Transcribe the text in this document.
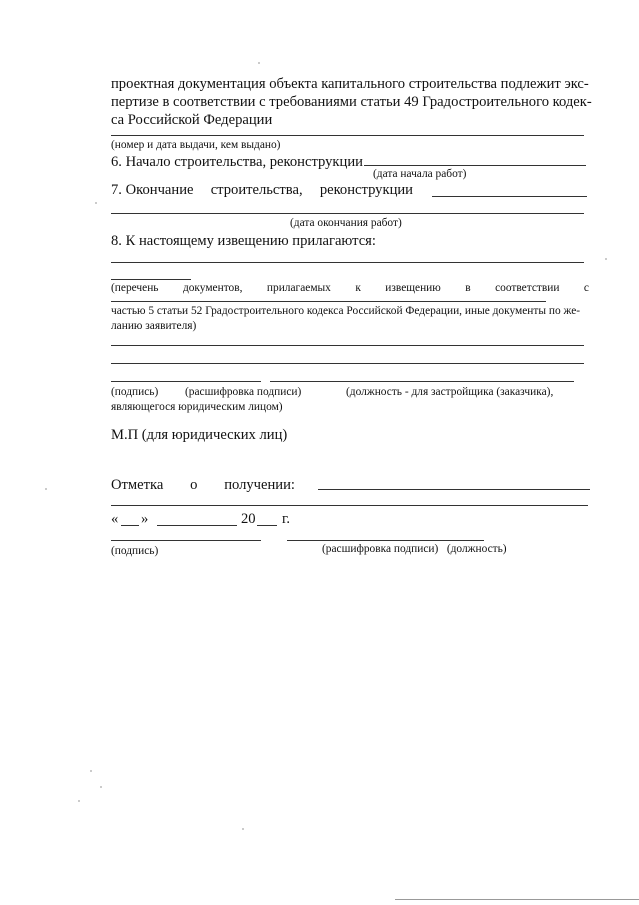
проектная документация объекта капитального строительства подлежит экс-
пертизе в соответствии с требованиями статьи 49 Градостроительного кодек-
са Российской Федерации
(номер и дата выдачи, кем выдано)
6. Начало строительства, реконструкции
(дата начала работ)
7. Окончание строительства, реконструкции
(дата окончания работ)
8. К настоящему извещению прилагаются:
(перечень документов, прилагаемых к извещению в соответствии с
частью 5 статьи 52 Градостроительного кодекса Российской Федерации, иные документы по же-
ланию заявителя)
(подпись) (расшифровка подписи)	(должность - для застройщика (заказчика),
являющегося юридическим лицом)
М.П (для юридических лиц)
Отметка о получении:
« »	20 г.
(подпись)	(расшифровка подписи)   (должность)
